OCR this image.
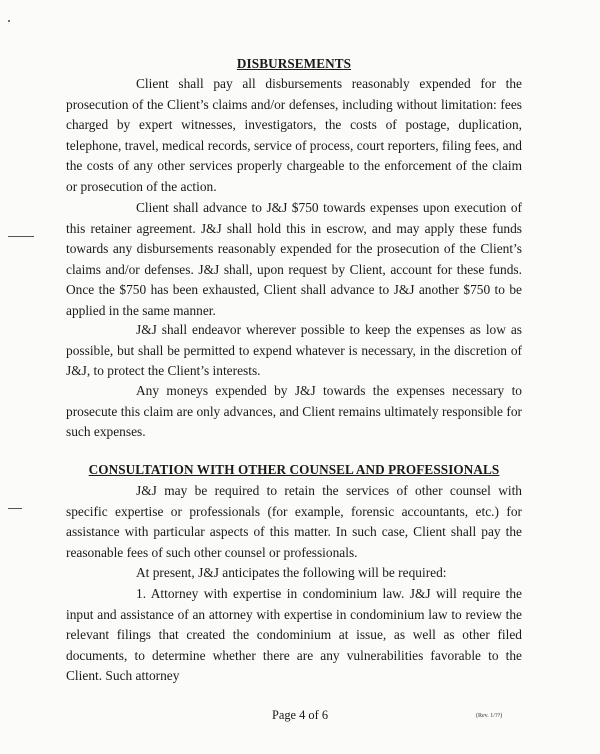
DISBURSEMENTS

Client shall pay all disbursements reasonably expended for the prosecution of the Client’s claims and/or defenses, including without limitation: fees charged by expert witnesses, investigators, the costs of postage, duplication, telephone, travel, medical records, service of process, court reporters, filing fees, and the costs of any other services properly chargeable to the enforcement of the claim or prosecution of the action.

Client shall advance to J&J $750 towards expenses upon execution of this retainer agreement. J&J shall hold this in escrow, and may apply these funds towards any disbursements reasonably expended for the prosecution of the Client’s claims and/or defenses. J&J shall, upon request by Client, account for these funds. Once the $750 has been exhausted, Client shall advance to J&J another $750 to be applied in the same manner.

J&J shall endeavor wherever possible to keep the expenses as low as possible, but shall be permitted to expend whatever is necessary, in the discretion of J&J, to protect the Client’s interests.

Any moneys expended by J&J towards the expenses necessary to prosecute this claim are only advances, and Client remains ultimately responsible for such expenses.

CONSULTATION WITH OTHER COUNSEL AND PROFESSIONALS

J&J may be required to retain the services of other counsel with specific expertise or professionals (for example, forensic accountants, etc.) for assistance with particular aspects of this matter. In such case, Client shall pay the reasonable fees of such other counsel or professionals.

At present, J&J anticipates the following will be required:

1. Attorney with expertise in condominium law. J&J will require the input and assistance of an attorney with expertise in condominium law to review the relevant filings that created the condominium at issue, as well as other filed documents, to determine whether there are any vulnerabilities favorable to the Client. Such attorney

Page 4 of 6	(Rev. 1/??)
